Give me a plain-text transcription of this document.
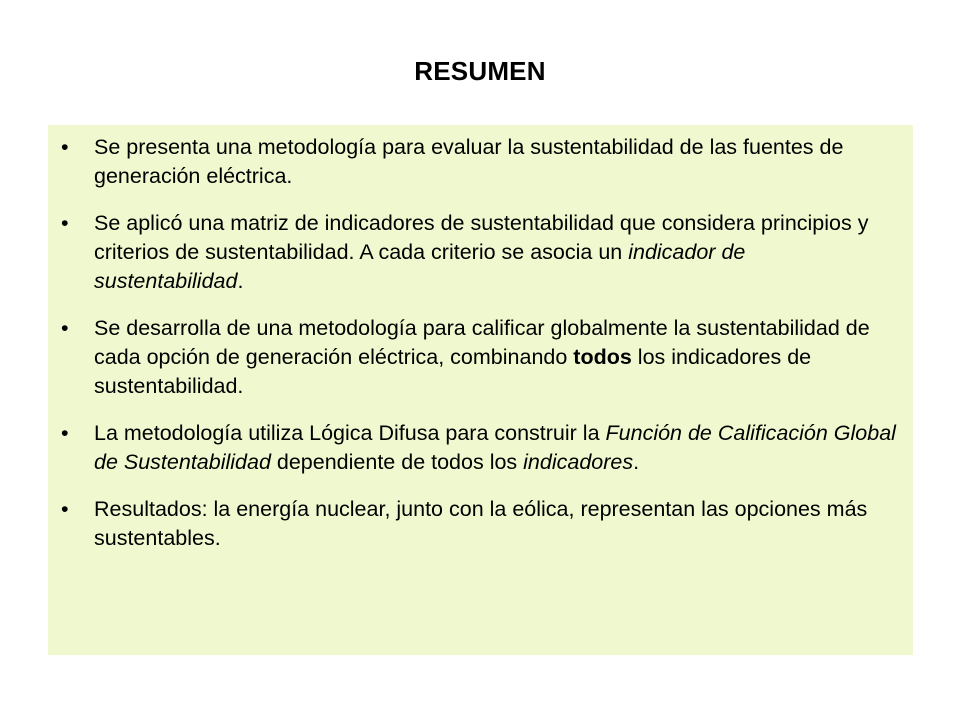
RESUMEN
• Se presenta una metodología para evaluar la sustentabilidad de las fuentes de generación eléctrica.
• Se aplicó una matriz de indicadores de sustentabilidad que considera principios y criterios de sustentabilidad. A cada criterio se asocia un indicador de sustentabilidad.
• Se desarrolla de una metodología para calificar globalmente la sustentabilidad de cada opción de generación eléctrica, combinando todos los indicadores de sustentabilidad.
• La metodología utiliza Lógica Difusa para construir la Función de Calificación Global de Sustentabilidad dependiente de todos los indicadores.
• Resultados: la energía nuclear, junto con la eólica, representan las opciones más sustentables.
